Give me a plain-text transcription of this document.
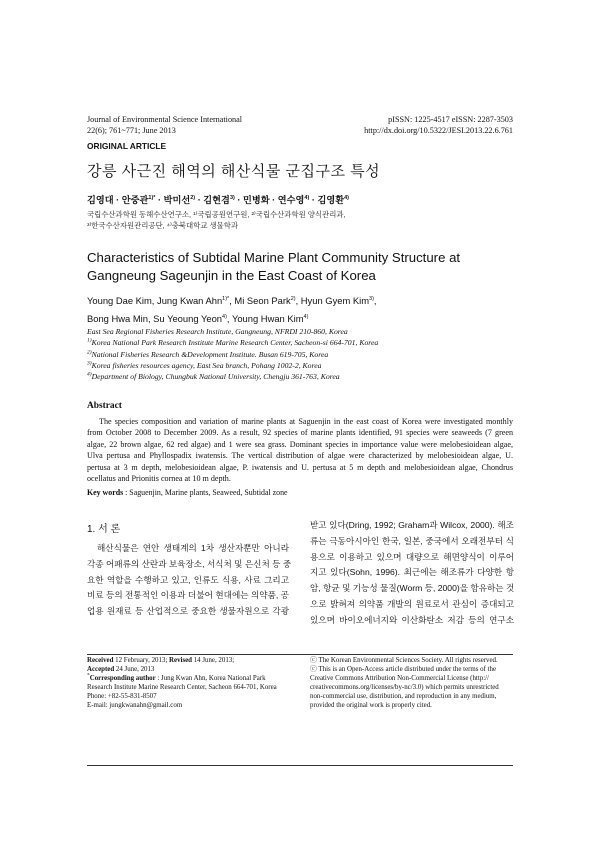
Journal of Environmental Science International
22(6); 761~771; June 2013
pISSN: 1225-4517 eISSN: 2287-3503
http://dx.doi.org/10.5322/JESI.2013.22.6.761
ORIGINAL ARTICLE
강릉 사근진 해역의 해산식물 군집구조 특성
김영대 · 안중관$^{1)*}$ · 박미선$^{2)}$ · 김현겸$^{3)}$ · 민병화 · 연수영$^{4)}$ · 김영환$^{4)}$
국립수산과학원 동해수산연구소, ¹⁾국립공원연구원, ²⁾국립수산과학원 양식관리과,
³⁾한국수산자원관리공단, ⁴⁾충북대학교 생물학과
Characteristics of Subtidal Marine Plant Community Structure at
Gangneung Sageunjin in the East Coast of Korea
Young Dae Kim, Jung Kwan Ahn$^{1)*}$, Mi Seon Park$^{2)}$, Hyun Gyem Kim$^{3)}$,
Bong Hwa Min, Su Yeoung Yeon$^{4)}$, Young Hwan Kim$^{4)}$
East Sea Regional Fisheries Research Institute, Gangneung, NFRDI 210-860, Korea
$^{1)}$Korea National Park Research Institute Marine Research Center, Sacheon-si 664-701, Korea
$^{2)}$National Fisheries Research &Development Institute. Busan 619-705, Korea
$^{3)}$Korea fisheries resources agency, East Sea branch, Pohang 1002-2, Korea
$^{4)}$Department of Biology, Chungbuk National University, Chengju 361-763, Korea
Abstract
The species composition and variation of marine plants at Saguenjin in the east coast of Korea were investigated monthly
from October 2008 to December 2009. As a result, 92 species of marine plants identified, 91 species were seaweeds (7 green
algae, 22 brown algae, 62 red algae) and 1 were sea grass. Dominant species in importance value were melobesioidean algae,
Ulva pertusa and Phyllospadix iwatensis. The vertical distribution of algae were characterized by melobesioidean algae, U.
pertusa at 3 m depth, melobesioidean algae, P. iwatensis and U. pertusa at 5 m depth and melobesioidean algae, Chondrus
ocellatus and Prionitis cornea at 10 m depth.
Key words : Saguenjin, Marine plants, Seaweed, Subtidal zone
1. 서 론
해산식물은 연안 생태계의 1차 생산자뿐만 아니라
각종 어패류의 산란과 보육장소, 서식처 및 은신처 등 중
요한 역할을 수행하고 있고, 인류도 식용, 사료 그리고
비료 등의 전통적인 이용과 더불어 현대에는 의약품, 공
업용 원재료 등 산업적으로 중요한 생물자원으로 각광
받고 있다(Dring, 1992; Graham과 Wilcox, 2000). 해조
류는 극동아시아인 한국, 일본, 중국에서 오래전부터 식
용으로 이용하고 있으며 대량으로 해면양식이 이루어
지고 있다(Sohn, 1996). 최근에는 해조류가 다양한 항
암, 항균 및 기능성 물질(Worm 등, 2000)을 함유하는 것
으로 밝혀져 의약품 개발의 원료로서 관심이 증대되고
있으며 바이오에너지와 이산화탄소 저감 등의 연구소
Received 12 February, 2013; Revised 14 June, 2013;
Accepted 24 June, 2013
*Corresponding author : Jung Kwan Ahn, Korea National Park
Research Institute Marine Research Center, Sacheon 664-701, Korea
Phone: +82-55-831-8507
E-mail: jungkwanahn@gmail.com
ⓒ The Korean Environmental Sciences Society. All rights reserved.
ⓒ This is an Open-Access article distributed under the terms of the
Creative Commons Attribution Non-Commercial License (http://
creativecommons.org/licenses/by-nc/3.0) which permits unrestricted
non-commercial use, distribution, and reproduction in any medium,
provided the original work is properly cited.
